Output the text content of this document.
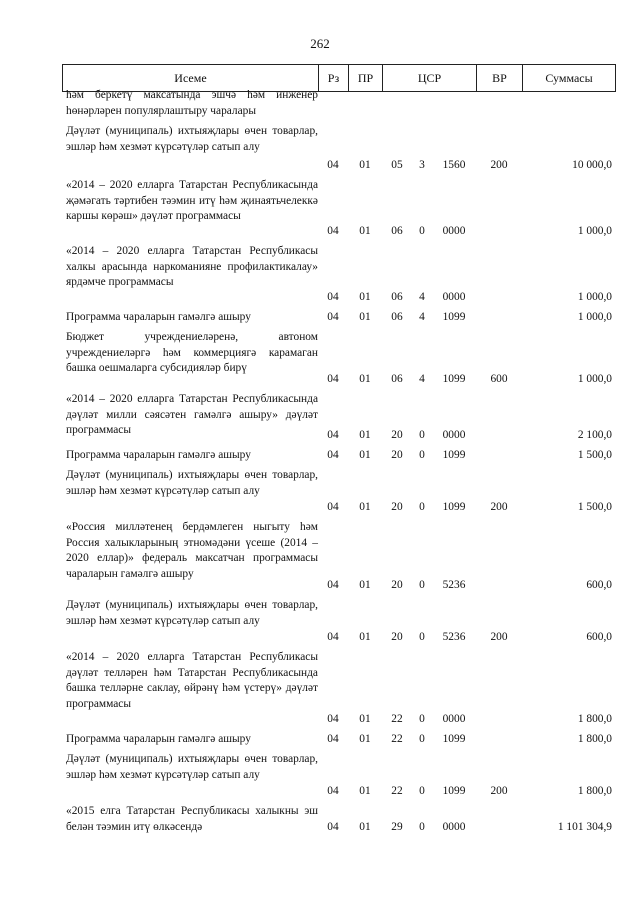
262
Исеме	Рз	ПР	ЦСР	ВР	Суммасы
һәм беркетү максатында эшчә һәм инженер һөнәрләрен популярлаштыру чаралары
Дәүләт (муниципаль) ихтыяҗлары өчен товарлар, эшләр һәм хезмәт күрсәтүләр сатып алу
04	01	05	3	1560	200	10 000,0
«2014 – 2020 елларга Татарстан Республикасында җәмәгать тәртибен тәэмин итү һәм җинаятьчелеккә каршы көрәш» дәүләт программасы
04	01	06	0	0000	1 000,0
«2014 – 2020 елларга Татарстан Республикасы халкы арасында наркоманияне профилактикалау» ярдәмче программасы
04	01	06	4	0000	1 000,0
Программа чараларын гамәлгә ашыру	04	01	06	4	1099	1 000,0
Бюджет учреждениеләренә, автоном учреждениеләргә һәм коммерциягә карамаган башка оешмаларга субсидияләр бирү
04	01	06	4	1099	600	1 000,0
«2014 – 2020 елларга Татарстан Республикасында дәүләт милли сәясәтен гамәлгә ашыру» дәүләт программасы	04	01	20	0	0000	2 100,0
Программа чараларын гамәлгә ашыру	04	01	20	0	1099	1 500,0
Дәүләт (муниципаль) ихтыяҗлары өчен товарлар, эшләр һәм хезмәт күрсәтүләр сатып алу
04	01	20	0	1099	200	1 500,0
«Россия милләтенең бердәмлеген ныгыту һәм Россия халыкларының этномәдәни үсеше (2014 – 2020 еллар)» федераль максатчан программасы чараларын гамәлгә ашыру
04	01	20	0	5236	600,0
Дәүләт (муниципаль) ихтыяҗлары өчен товарлар, эшләр һәм хезмәт күрсәтүләр сатып алу
04	01	20	0	5236	200	600,0
«2014 – 2020 елларга Татарстан Республикасы дәүләт телләрен һәм Татарстан Республикасында башка телләрне саклау, өйрәнү һәм үстерү» дәүләт программасы
04	01	22	0	0000	1 800,0
Программа чараларын гамәлгә ашыру	04	01	22	0	1099	1 800,0
Дәүләт (муниципаль) ихтыяҗлары өчен товарлар, эшләр һәм хезмәт күрсәтүләр сатып алу
04	01	22	0	1099	200	1 800,0
«2015 елга Татарстан Республикасы халыкны эш белән тәэмин итү өлкәсендә	04	01	29	0	0000	1 101 304,9
